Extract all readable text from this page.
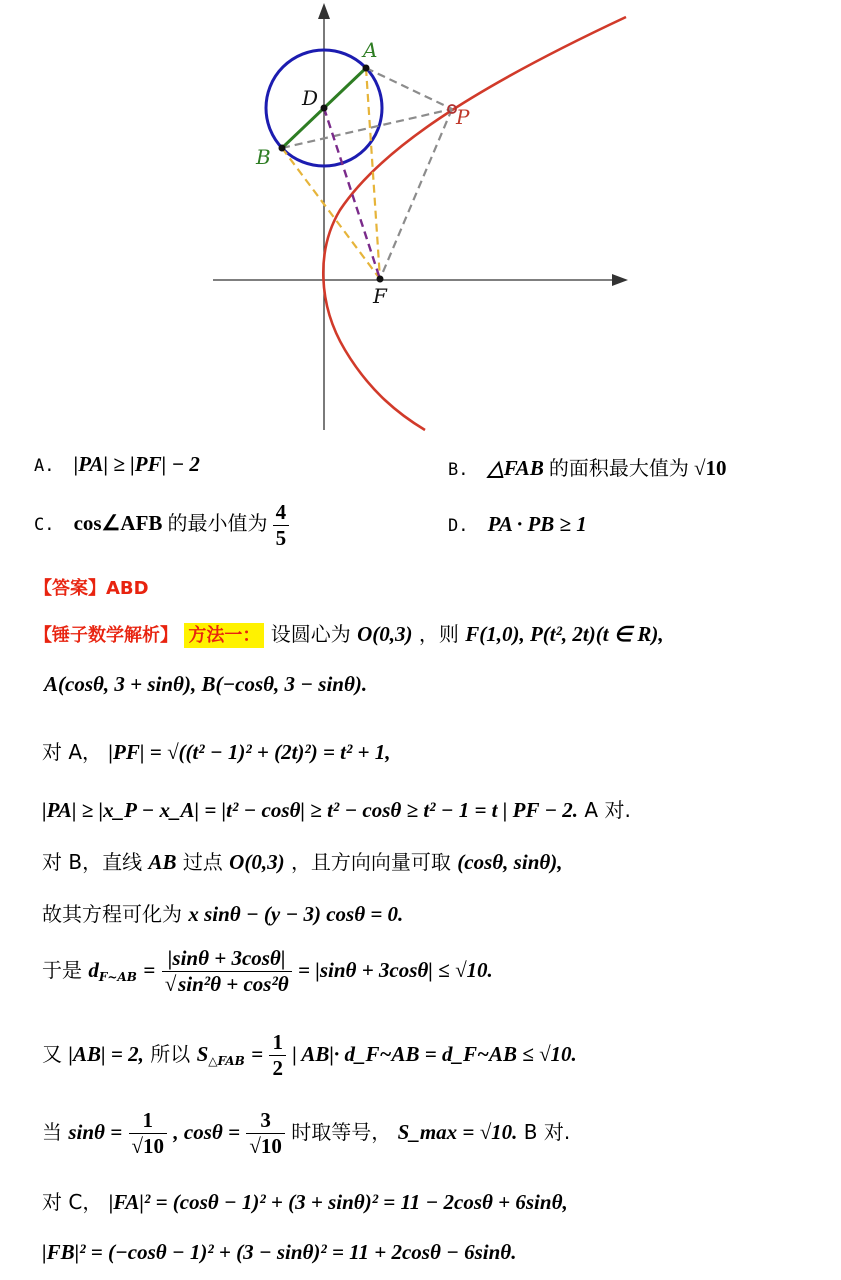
A
B
D
P
F
A. |PA| ≥ |PF| − 2	B. △FAB 的面积最大值为 √10
C. cos∠AFB 的最小值为 $\frac{4}{5}$	D. PA · PB ≥ 1
【答案】ABD
【锤子数学解析】 方法一： 设圆心为 O(0,3) ，则 F(1,0), P(t², 2t)(t ∈ R),
A(cosθ, 3 + sinθ), B(−cosθ, 3 − sinθ).
对 A， |PF| = √((t² − 1)² + (2t)²) = t² + 1,
|PA| ≥ |x_P − x_A| = |t² − cosθ| ≥ t² − cosθ ≥ t² − 1 = t | PF − 2. A 对.
对 B，直线 AB 过点 O(0,3) ，且方向向量可取 (cosθ, sinθ),
故其方程可化为 x sinθ − (y − 3) cosθ = 0.
于是 $d_{F\sim AB} = \frac{|\sin\theta + 3\cos\theta|}{\text{√sin²θ + cos²θ}} = |\sin\theta + 3\cos\theta| \le √10$.
又 |AB| = 2, 所以 $S_{\triangle FAB} = \frac{1}{2}$ | AB|· d_F~AB = d_F~AB ≤ √10.
当 $\sin\theta = \frac{1}{√10}$ , $\cos\theta = \frac{3}{√10}$ 时取等号， S_max = √10. B 对.
对 C， |FA|² = (cosθ − 1)² + (3 + sinθ)² = 11 − 2cosθ + 6sinθ,
|FB|² = (−cosθ − 1)² + (3 − sinθ)² = 11 + 2cosθ − 6sinθ.
